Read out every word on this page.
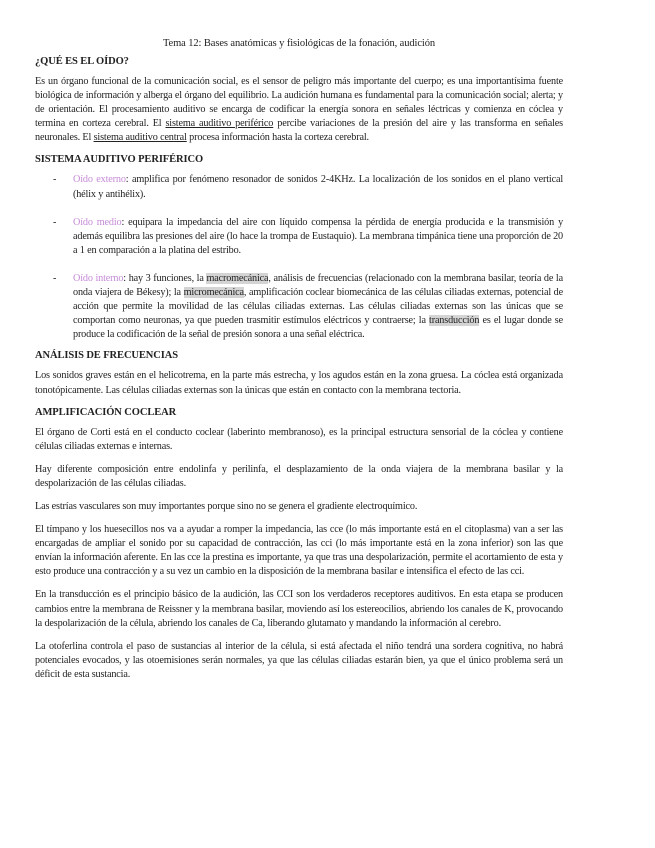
Tema 12: Bases anatómicas y fisiológicas de la fonación, audición
¿QUÉ ES EL OÍDO?

Es un órgano funcional de la comunicación social, es el sensor de peligro más importante del cuerpo; es una importantísima fuente biológica de información y alberga el órgano del equilibrio. La audición humana es fundamental para la comunicación social; alerta; y de orientación. El procesamiento auditivo se encarga de codificar la energía sonora en señales léctricas y comienza en cóclea y termina en corteza cerebral. El sistema auditivo periférico percibe variaciones de la presión del aire y las transforma en señales neuronales. El sistema auditivo central procesa información hasta la corteza cerebral.

SISTEMA AUDITIVO PERIFÉRICO
- Oído externo: amplifica por fenómeno resonador de sonidos 2-4KHz. La localización de los sonidos en el plano vertical (hélix y antihélix).
- Oído medio: equipara la impedancia del aire con líquido compensa la pérdida de energía producida e la transmisión y además equilibra las presiones del aire (lo hace la trompa de Eustaquio). La membrana timpánica tiene una proporción de 20 a 1 en comparación a la platina del estribo.
- Oído interno: hay 3 funciones, la macromecánica, análisis de frecuencias (relacionado con la membrana basilar, teoría de la onda viajera de Békesy); la micromecánica, amplificación coclear biomecánica de las células ciliadas externas, potencial de acción que permite la movilidad de las células ciliadas externas. Las células ciliadas externas son las únicas que se comportan como neuronas, ya que pueden trasmitir estímulos eléctricos y contraerse; la transducción es el lugar donde se produce la codificación de la señal de presión sonora a una señal eléctrica.
ANÁLISIS DE FRECUENCIAS

Los sonidos graves están en el helicotrema, en la parte más estrecha, y los agudos están en la zona gruesa. La cóclea está organizada tonotópicamente. Las células ciliadas externas son la únicas que están en contacto con la membrana tectoria.

AMPLIFICACIÓN COCLEAR

El órgano de Corti está en el conducto coclear (laberinto membranoso), es la principal estructura sensorial de la cóclea y contiene células ciliadas externas e internas.

Hay diferente composición entre endolinfa y perilinfa, el desplazamiento de la onda viajera de la membrana basilar y la despolarización de las células ciliadas.

Las estrías vasculares son muy importantes porque sino no se genera el gradiente electroquímico.

El tímpano y los huesecillos nos va a ayudar a romper la impedancia, las cce (lo más importante está en el citoplasma) van a ser las encargadas de ampliar el sonido por su capacidad de contracción, las cci (lo más importante está en la zona inferior) son las que envían la información aferente. En las cce la prestina es importante, ya que tras una despolarización, permite el acortamiento de esta y esto produce una contracción y a su vez un cambio en la disposición de la membrana basilar e intensifica el efecto de las cci.

En la transducción es el principio básico de la audición, las CCI son los verdaderos receptores auditivos. En esta etapa se producen cambios entre la membrana de Reissner y la membrana basilar, moviendo así los estereocilios, abriendo los canales de K, provocando la despolarización de la célula, abriendo los canales de Ca, liberando glutamato y mandando la información al cerebro.

La otoferlina controla el paso de sustancias al interior de la célula, si está afectada el niño tendrá una sordera cognitiva, no habrá potenciales evocados, y las otoemisiones serán normales, ya que las células ciliadas estarán bien, ya que el único problema será un déficit de esta sustancia.
